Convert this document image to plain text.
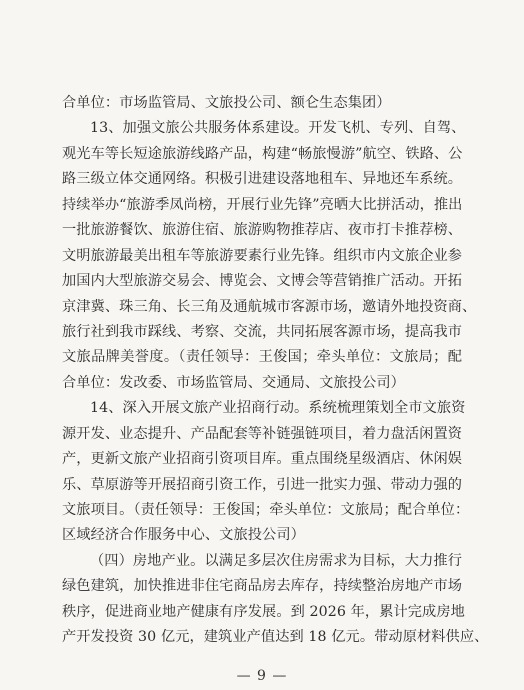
合单位：市场监管局、文旅投公司、额仑生态集团）
13、加强文旅公共服务体系建设。开发飞机、专列、自驾、
观光车等长短途旅游线路产品，构建“畅旅慢游”航空、铁路、公
路三级立体交通网络。积极引进建设落地租车、异地还车系统。
持续举办“旅游季凤尚榜，开展行业先锋”亮晒大比拼活动，推出
一批旅游餐饮、旅游住宿、旅游购物推荐店、夜市打卡推荐榜、
文明旅游最美出租车等旅游要素行业先锋。组织市内文旅企业参
加国内大型旅游交易会、博览会、文博会等营销推广活动。开拓
京津冀、珠三角、长三角及通航城市客源市场，邀请外地投资商、
旅行社到我市踩线、考察、交流，共同拓展客源市场，提高我市
文旅品牌美誉度。（责任领导：王俊国；牵头单位：文旅局；配
合单位：发改委、市场监管局、交通局、文旅投公司）
14、深入开展文旅产业招商行动。系统梳理策划全市文旅资
源开发、业态提升、产品配套等补链强链项目，着力盘活闲置资
产，更新文旅产业招商引资项目库。重点围绕星级酒店、休闲娱
乐、草原游等开展招商引资工作，引进一批实力强、带动力强的
文旅项目。（责任领导：王俊国；牵头单位：文旅局；配合单位：
区域经济合作服务中心、文旅投公司）
（四）房地产业。以满足多层次住房需求为目标，大力推行
绿色建筑，加快推进非住宅商品房去库存，持续整治房地产市场
秩序，促进商业地产健康有序发展。到 2026 年，累计完成房地
产开发投资 30 亿元，建筑业产值达到 18 亿元。带动原材料供应、
— 9 —
